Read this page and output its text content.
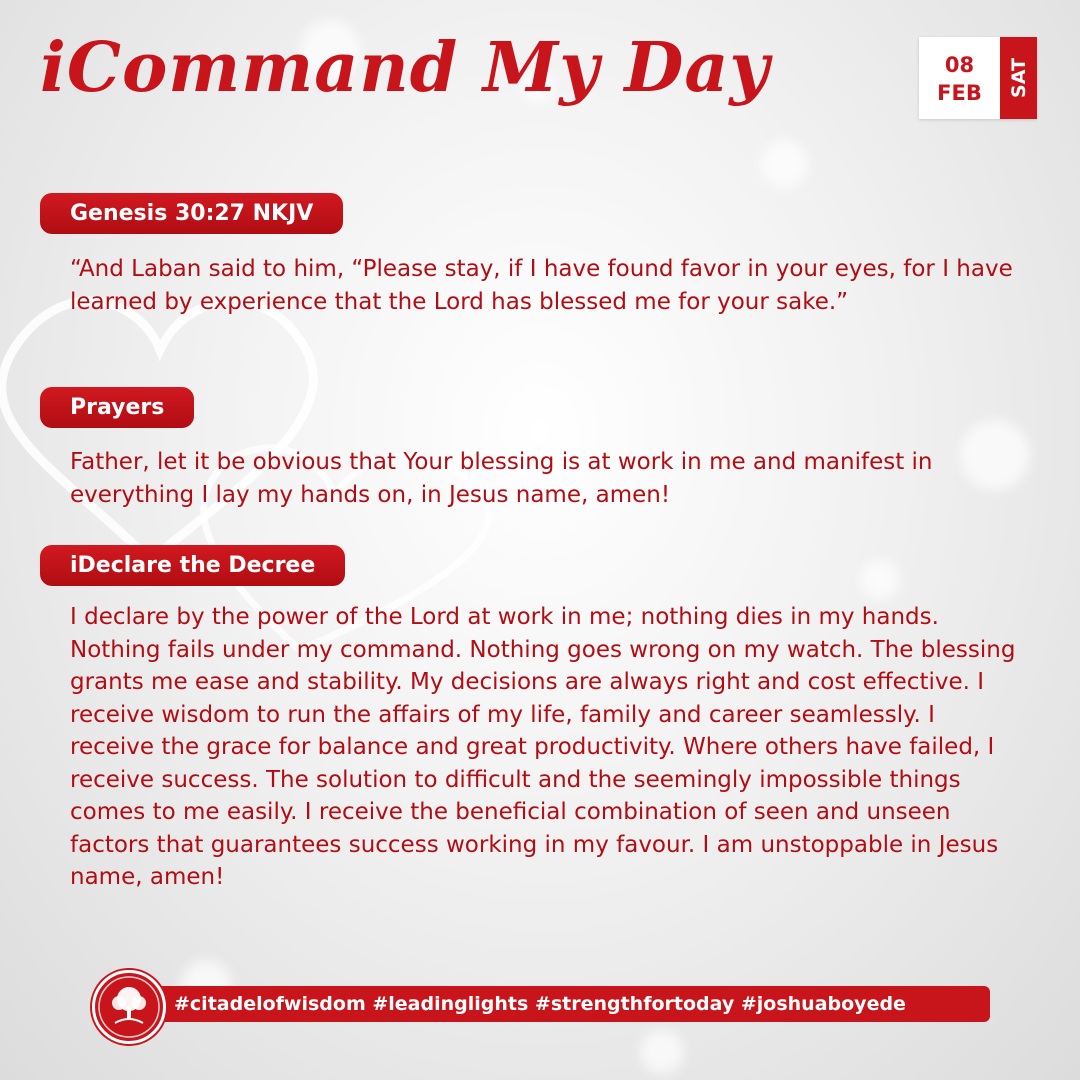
iCommand My Day	08
FEB	SAT
Genesis 30:27 NKJV

“And Laban said to him, “Please stay, if I have found favor in your eyes, for I have learned by experience that the Lord has blessed me for your sake.”

Prayers

Father, let it be obvious that Your blessing is at work in me and manifest in everything I lay my hands on, in Jesus name, amen!

iDeclare the Decree

I declare by the power of the Lord at work in me; nothing dies in my hands. Nothing fails under my command. Nothing goes wrong on my watch. The blessing grants me ease and stability. My decisions are always right and cost effective. I receive wisdom to run the affairs of my life, family and career seamlessly. I receive the grace for balance and great productivity. Where others have failed, I receive success. The solution to difficult and the seemingly impossible things comes to me easily. I receive the beneficial combination of seen and unseen factors that guarantees success working in my favour. I am unstoppable in Jesus name, amen!

#citadelofwisdom #leadinglights #strengthfortoday #joshuaboyede
